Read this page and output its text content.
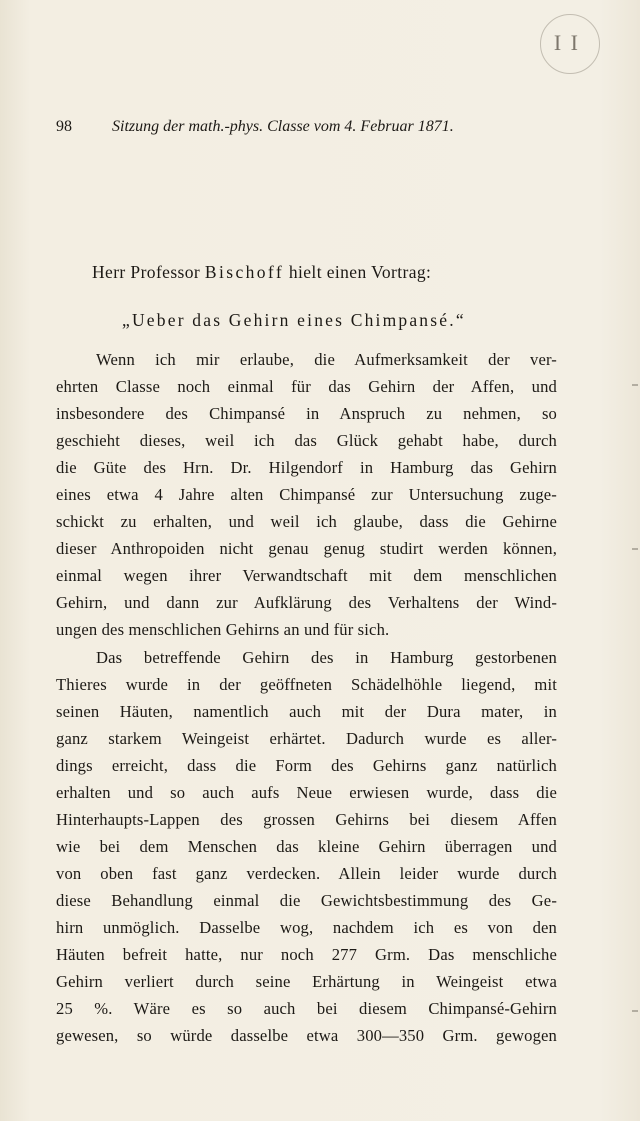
I I
98	Sitzung der math.-phys. Classe vom 4. Februar 1871.
Herr Professor Bischoff hielt einen Vortrag:
„Ueber das Gehirn eines Chimpansé.“
Wenn ich mir erlaube, die Aufmerksamkeit der ver-
ehrten Classe noch einmal für das Gehirn der Affen, und
insbesondere des Chimpansé in Anspruch zu nehmen, so
geschieht dieses, weil ich das Glück gehabt habe, durch
die Güte des Hrn. Dr. Hilgendorf in Hamburg das Gehirn
eines etwa 4 Jahre alten Chimpansé zur Untersuchung zuge-
schickt zu erhalten, und weil ich glaube, dass die Gehirne
dieser Anthropoiden nicht genau genug studirt werden können,
einmal wegen ihrer Verwandtschaft mit dem menschlichen
Gehirn, und dann zur Aufklärung des Verhaltens der Wind-
ungen des menschlichen Gehirns an und für sich.
Das betreffende Gehirn des in Hamburg gestorbenen
Thieres wurde in der geöffneten Schädelhöhle liegend, mit
seinen Häuten, namentlich auch mit der Dura mater, in
ganz starkem Weingeist erhärtet. Dadurch wurde es aller-
dings erreicht, dass die Form des Gehirns ganz natürlich
erhalten und so auch aufs Neue erwiesen wurde, dass die
Hinterhaupts-Lappen des grossen Gehirns bei diesem Affen
wie bei dem Menschen das kleine Gehirn überragen und
von oben fast ganz verdecken. Allein leider wurde durch
diese Behandlung einmal die Gewichtsbestimmung des Ge-
hirn unmöglich. Dasselbe wog, nachdem ich es von den
Häuten befreit hatte, nur noch 277 Grm. Das menschliche
Gehirn verliert durch seine Erhärtung in Weingeist etwa
25 %. Wäre es so auch bei diesem Chimpansé-Gehirn
gewesen, so würde dasselbe etwa 300—350 Grm. gewogen
